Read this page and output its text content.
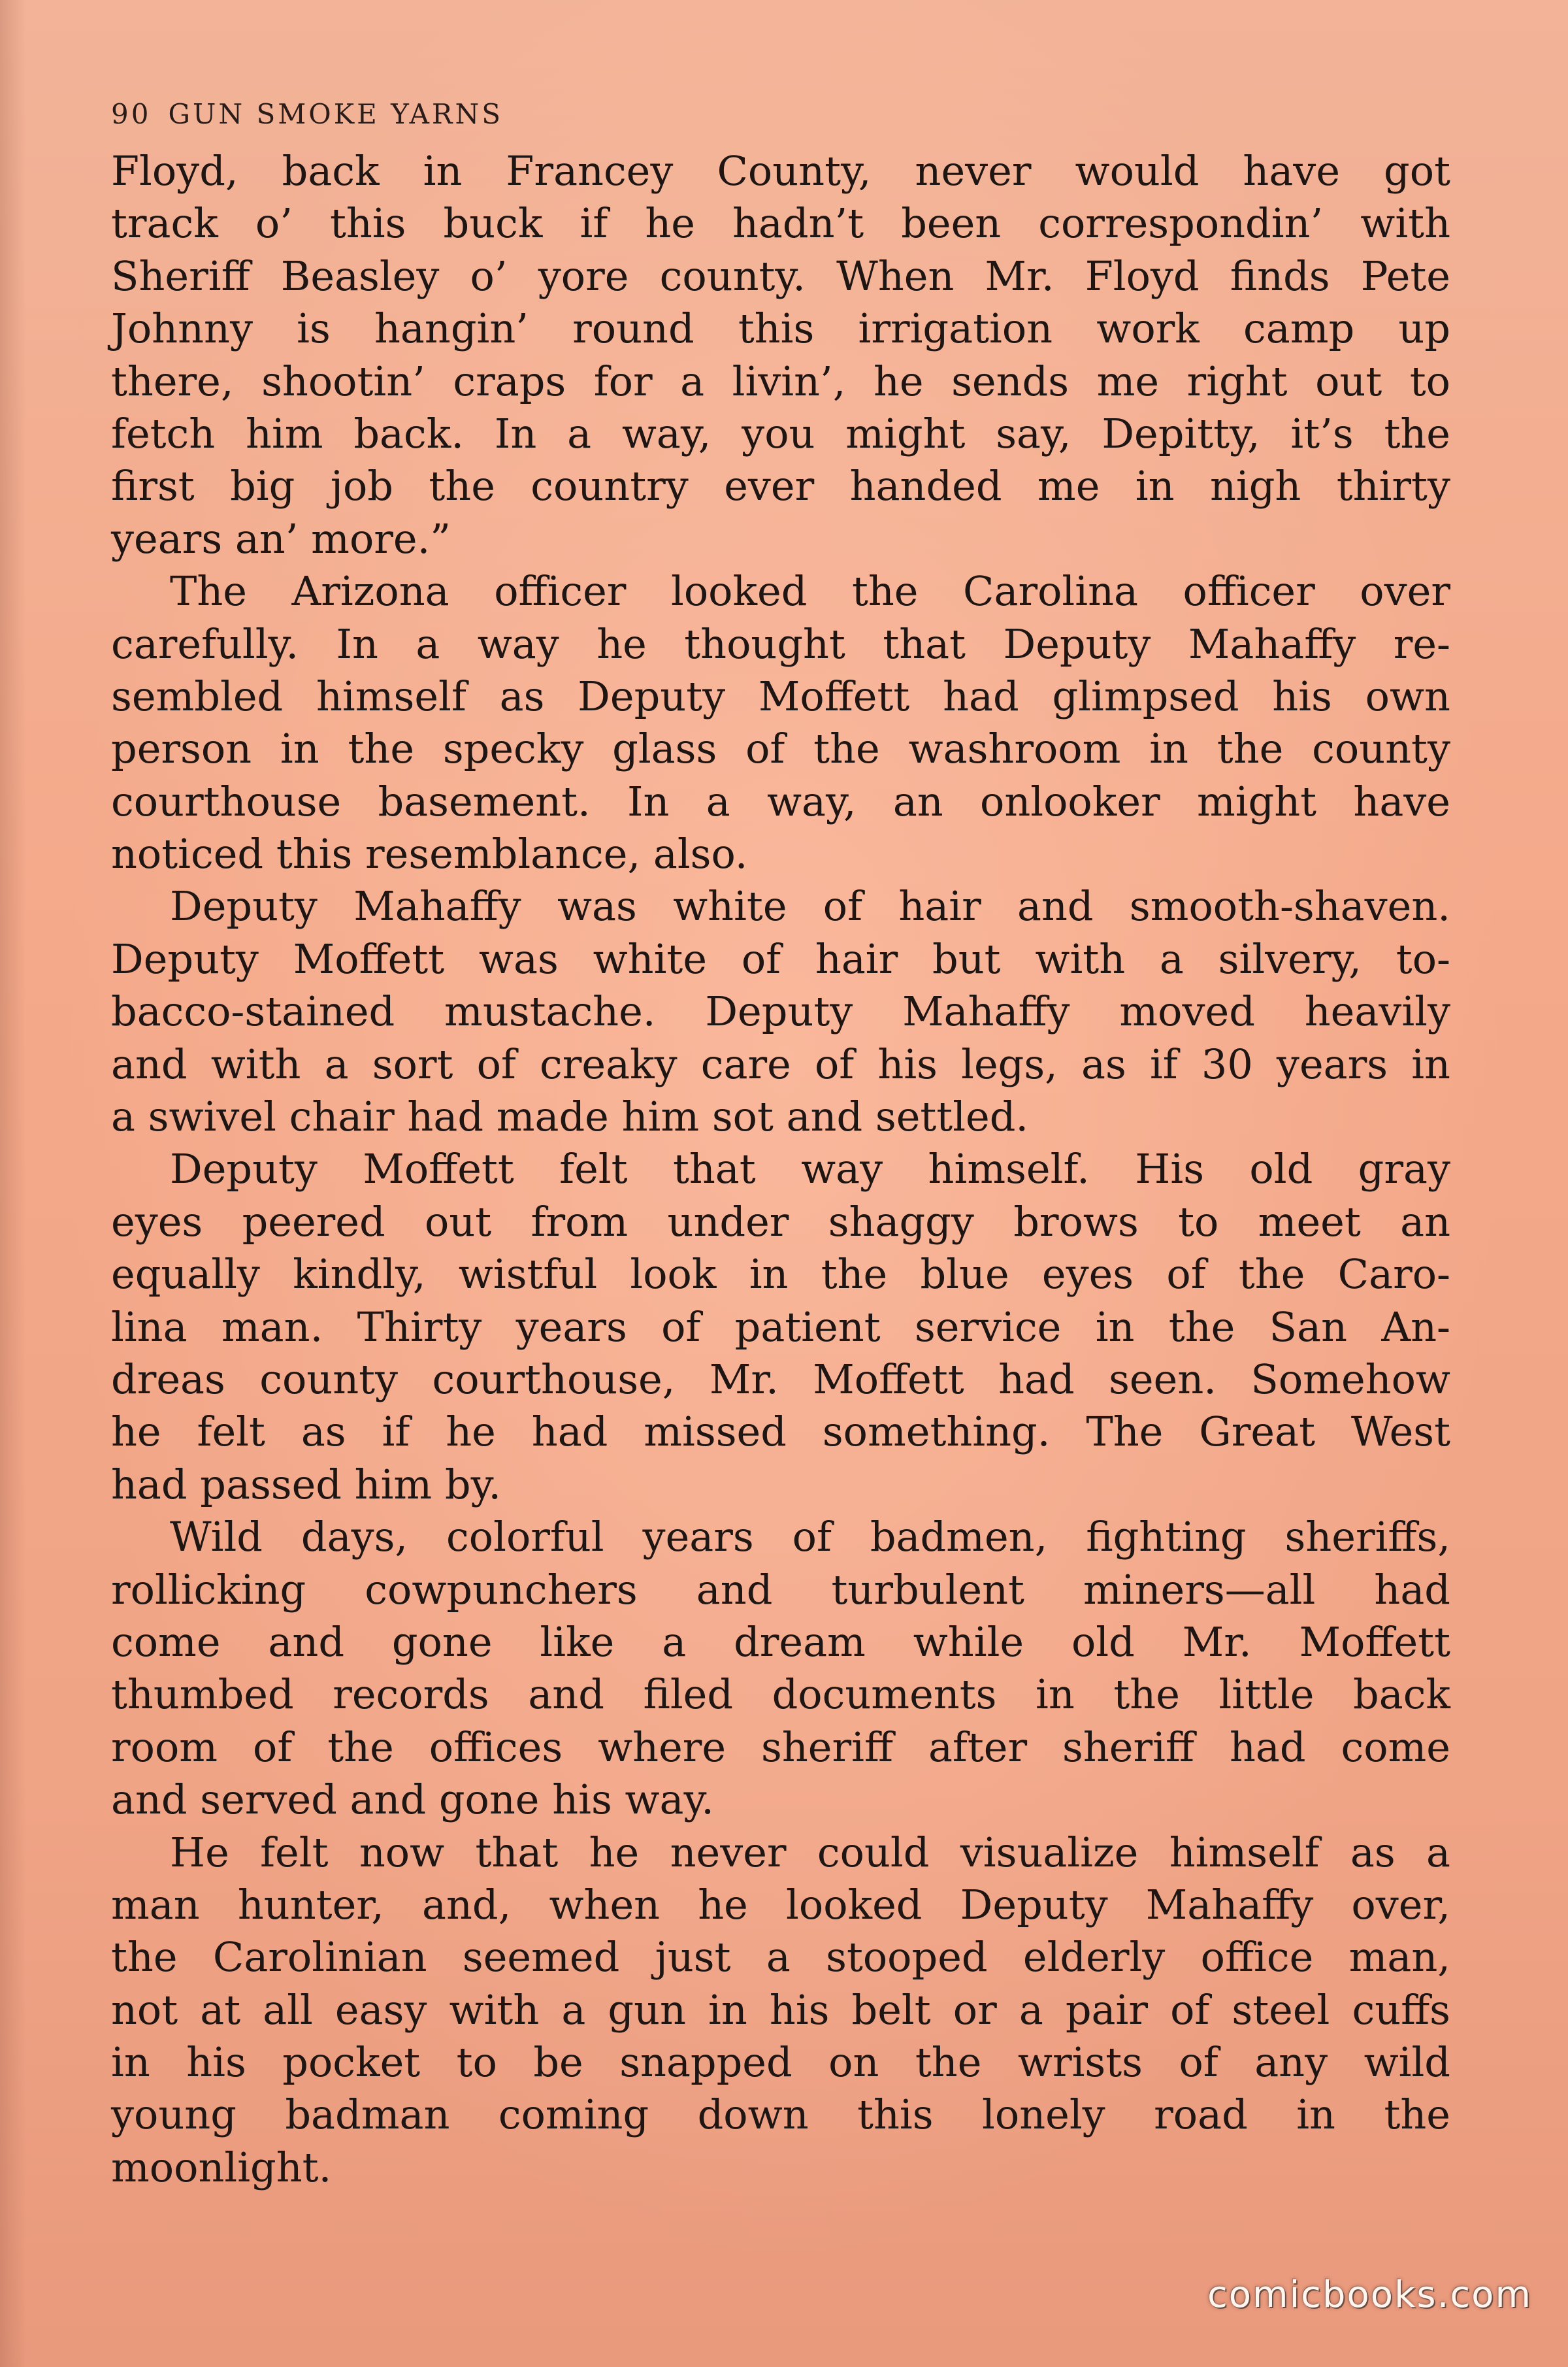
90 GUN SMOKE YARNS
Floyd, back in Francey County, never would have got
track o’ this buck if he hadn’t been correspondin’ with
Sheriff Beasley o’ yore county. When Mr. Floyd finds Pete
Johnny is hangin’ round this irrigation work camp up
there, shootin’ craps for a livin’, he sends me right out to
fetch him back. In a way, you might say, Depitty, it’s the
first big job the country ever handed me in nigh thirty
years an’ more.”
The Arizona officer looked the Carolina officer over
carefully. In a way he thought that Deputy Mahaffy re-
sembled himself as Deputy Moffett had glimpsed his own
person in the specky glass of the washroom in the county
courthouse basement. In a way, an onlooker might have
noticed this resemblance, also.
Deputy Mahaffy was white of hair and smooth-shaven.
Deputy Moffett was white of hair but with a silvery, to-
bacco-stained mustache. Deputy Mahaffy moved heavily
and with a sort of creaky care of his legs, as if 30 years in
a swivel chair had made him sot and settled.
Deputy Moffett felt that way himself. His old gray
eyes peered out from under shaggy brows to meet an
equally kindly, wistful look in the blue eyes of the Caro-
lina man. Thirty years of patient service in the San An-
dreas county courthouse, Mr. Moffett had seen. Somehow
he felt as if he had missed something. The Great West
had passed him by.
Wild days, colorful years of badmen, fighting sheriffs,
rollicking cowpunchers and turbulent miners—all had
come and gone like a dream while old Mr. Moffett
thumbed records and filed documents in the little back
room of the offices where sheriff after sheriff had come
and served and gone his way.
He felt now that he never could visualize himself as a
man hunter, and, when he looked Deputy Mahaffy over,
the Carolinian seemed just a stooped elderly office man,
not at all easy with a gun in his belt or a pair of steel cuffs
in his pocket to be snapped on the wrists of any wild
young badman coming down this lonely road in the
moonlight.
comicbooks.com
